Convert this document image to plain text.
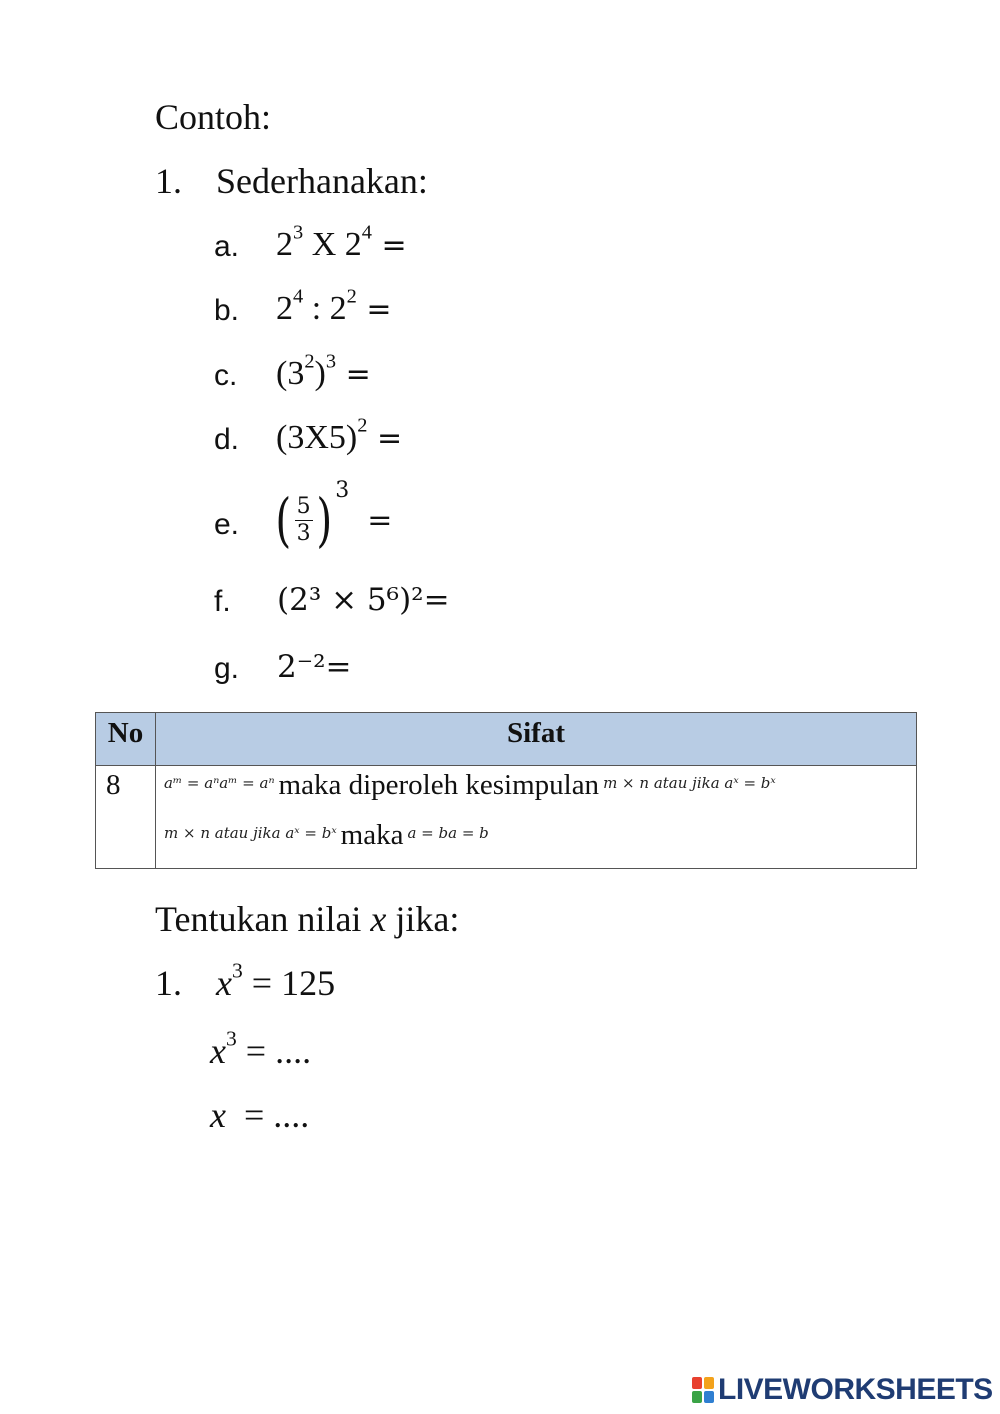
Contoh:
1. Sederhanakan:
a. $2^3$ X $2^4$ =
b. $2^4$ : $2^2$ =
c. $(3^2)^3$ =
d. $(3X5)^2$ =
e. ( $\frac{5}{3}$ ) $^3$=
f. (2³ × 5⁶)²=
g. 2⁻²=
No	Sifat
8	aᵐ = aⁿaᵐ = aⁿ maka diperoleh kesimpulan m × n atau jika aˣ = bˣ
m × n atau jika aˣ = bˣ maka a = ba = b
Tentukan nilai x jika:
1. $x^3 = 125$
$x^3$ = ....
x = ....
LIVEWORKSHEETS
